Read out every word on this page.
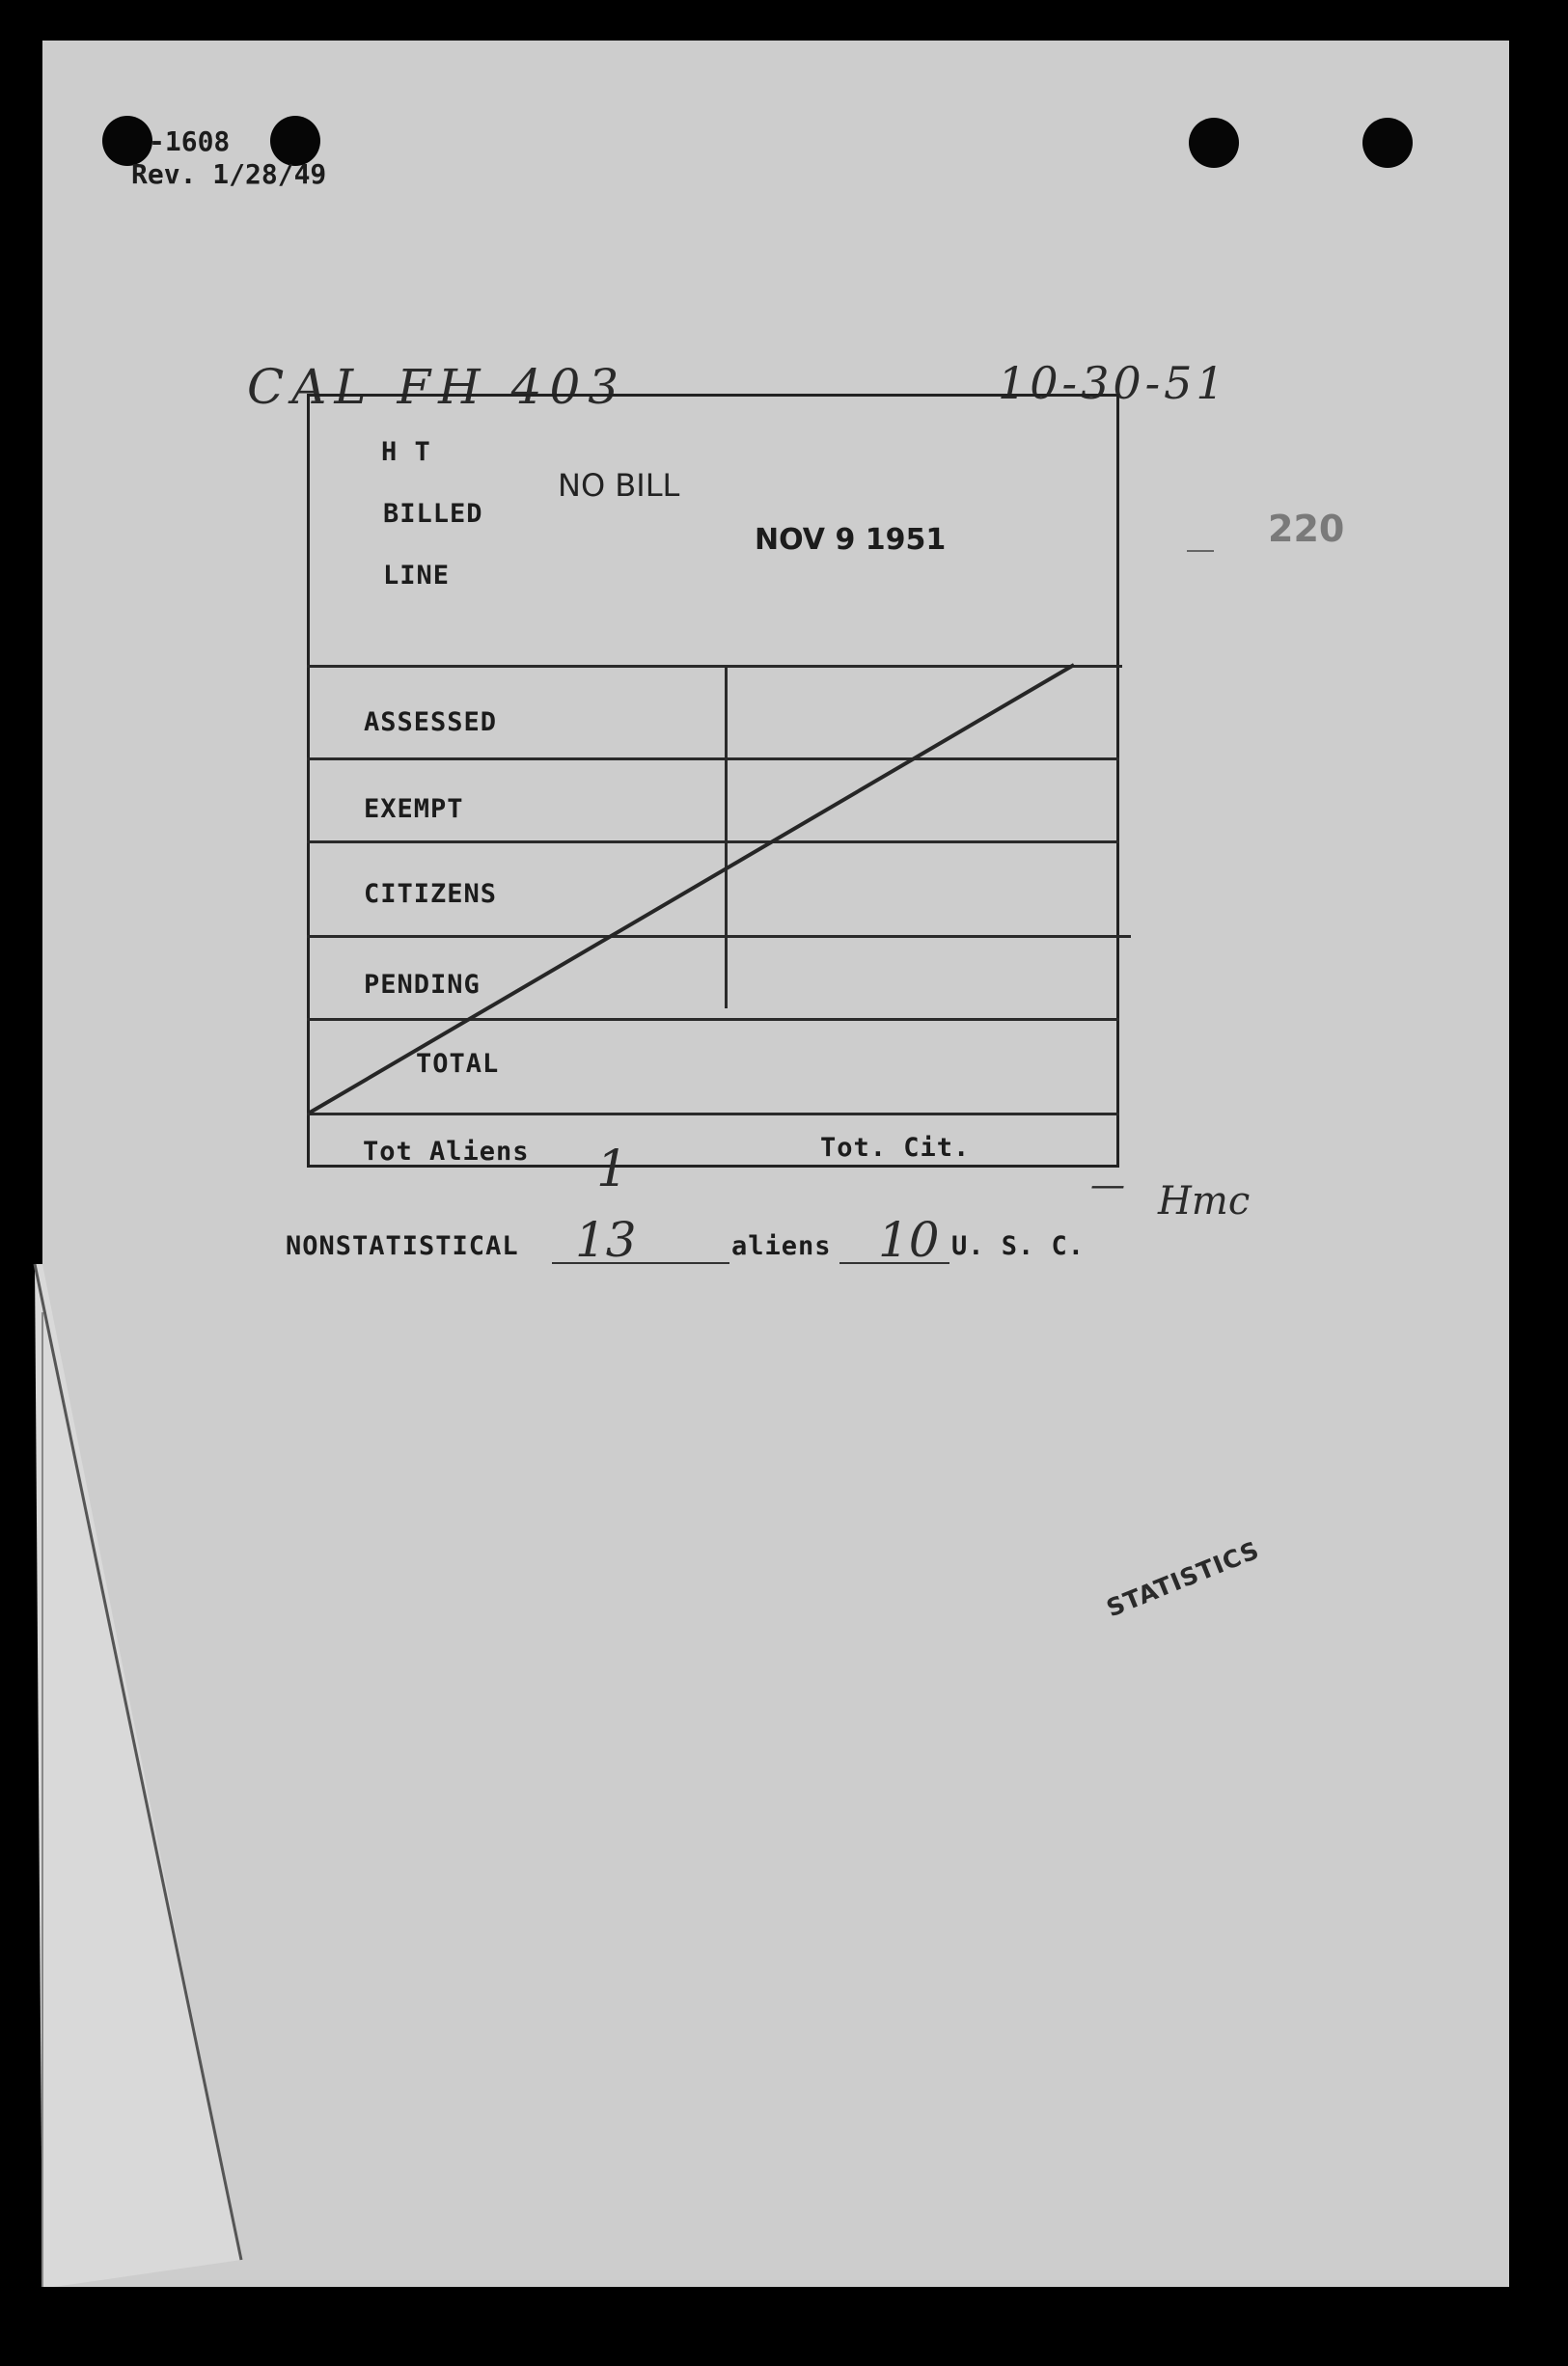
-1608
Rev. 1/28/49
CAL FH 403	10-30-51
220
H T
BILLED
LINE
ASSESSED
EXEMPT
CITIZENS
PENDING
TOTAL
Tot Aliens	Tot. Cit.
1
NO BILL
NOV 9 1951
— Hmc
NONSTATISTICAL 13	aliens 10 U. S. C.
STATISTICS
